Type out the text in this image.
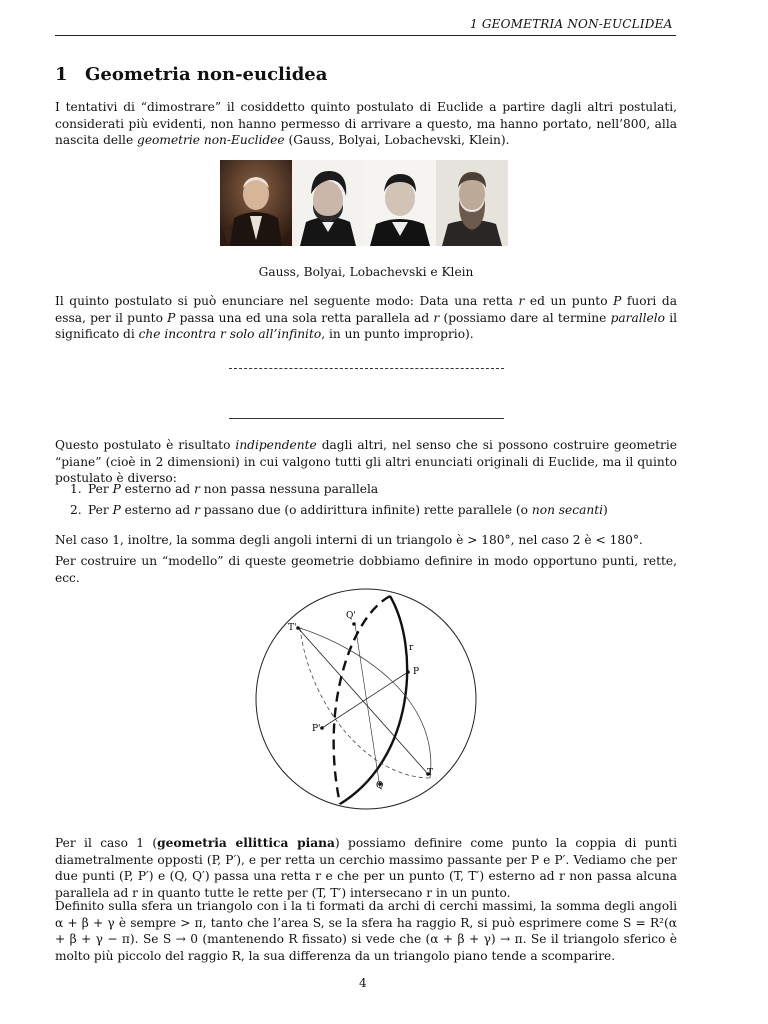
1 GEOMETRIA NON-EUCLIDEA
1 Geometria non-euclidea
I tentativi di “dimostrare” il cosiddetto quinto postulato di Euclide a partire dagli altri postulati, considerati più evidenti, non hanno permesso di arrivare a questo, ma hanno portato, nell’800, alla nascita delle geometrie non-Euclidee (Gauss, Bolyai, Lobachevski, Klein).
Gauss, Bolyai, Lobachevski e Klein
Il quinto postulato si può enunciare nel seguente modo: Data una retta r ed un punto P fuori da essa, per il punto P passa una ed una sola retta parallela ad r (possiamo dare al termine parallelo il significato di che incontra r solo all’infinito, in un punto improprio).
Questo postulato è risultato indipendente dagli altri, nel senso che si possono costruire geometrie “piane” (cioè in 2 dimensioni) in cui valgono tutti gli altri enunciati originali di Euclide, ma il quinto postulato è diverso:
1. Per P esterno ad r non passa nessuna parallela
2. Per P esterno ad r passano due (o addirittura infinite) rette parallele (o non secanti)
Nel caso 1, inoltre, la somma degli angoli interni di un triangolo è > 180°, nel caso 2 è < 180°.
Per costruire un “modello” di queste geometrie dobbiamo definire in modo opportuno punti, rette, ecc.
Q'
T'
r
P
P'
T
Q
Per il caso 1 (geometria ellittica piana) possiamo definire come punto la coppia di punti diametralmente opposti (P, P′), e per retta un cerchio massimo passante per P e P′. Vediamo che per due punti (P, P′) e (Q, Q′) passa una retta r e che per un punto (T, T′) esterno ad r non passa alcuna parallela ad r in quanto tutte le rette per (T, T′) intersecano r in un punto.
Definito sulla sfera un triangolo con i la ti formati da archi di cerchi massimi, la somma degli angoli α + β + γ è sempre > π, tanto che l’area S, se la sfera ha raggio R, si può esprimere come S = R²(α + β + γ − π). Se S → 0 (mantenendo R fissato) si vede che (α + β + γ) → π. Se il triangolo sferico è molto più piccolo del raggio R, la sua differenza da un triangolo piano tende a scomparire.
4
